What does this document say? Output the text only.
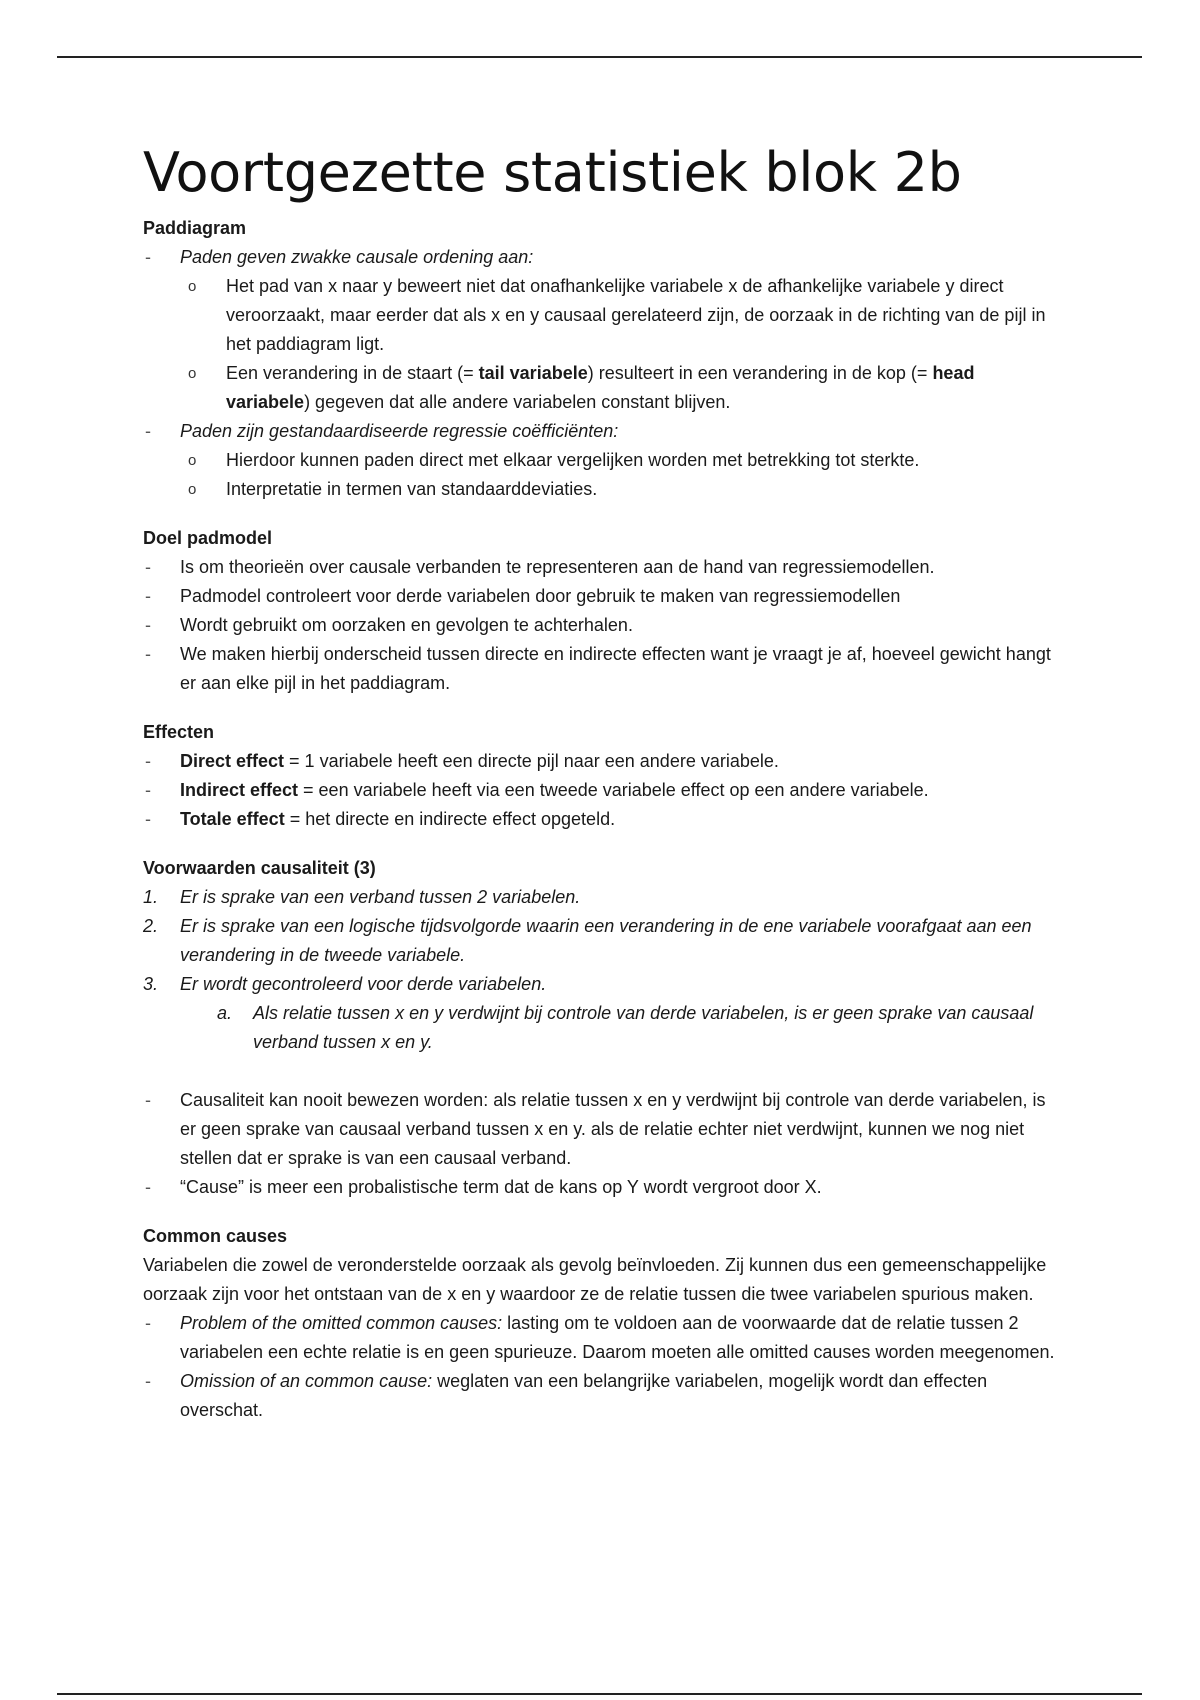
Voortgezette statistiek blok 2b
Paddiagram
-	Paden geven zwakke causale ordening aan:
o Het pad van x naar y beweert niet dat onafhankelijke variabele x de afhankelijke variabele y direct veroorzaakt, maar eerder dat als x en y causaal gerelateerd zijn, de oorzaak in de richting van de pijl in het paddiagram ligt.
o Een verandering in de staart (= tail variabele) resulteert in een verandering in de kop (= head variabele) gegeven dat alle andere variabelen constant blijven.
-	Paden zijn gestandaardiseerde regressie coëfficiënten:
o Hierdoor kunnen paden direct met elkaar vergelijken worden met betrekking tot sterkte.
o Interpretatie in termen van standaarddeviaties.
Doel padmodel
-	Is om theorieën over causale verbanden te representeren aan de hand van regressiemodellen.
-	Padmodel controleert voor derde variabelen door gebruik te maken van regressiemodellen
-	Wordt gebruikt om oorzaken en gevolgen te achterhalen.
-	We maken hierbij onderscheid tussen directe en indirecte effecten want je vraagt je af, hoeveel gewicht hangt er aan elke pijl in het paddiagram.
Effecten
-	Direct effect = 1 variabele heeft een directe pijl naar een andere variabele.
-	Indirect effect = een variabele heeft via een tweede variabele effect op een andere variabele.
-	Totale effect = het directe en indirecte effect opgeteld.
Voorwaarden causaliteit (3)
1. Er is sprake van een verband tussen 2 variabelen.
2. Er is sprake van een logische tijdsvolgorde waarin een verandering in de ene variabele voorafgaat aan een verandering in de tweede variabele.
3. Er wordt gecontroleerd voor derde variabelen.
a. Als relatie tussen x en y verdwijnt bij controle van derde variabelen, is er geen sprake van causaal verband tussen x en y.
-	Causaliteit kan nooit bewezen worden: als relatie tussen x en y verdwijnt bij controle van derde variabelen, is er geen sprake van causaal verband tussen x en y. als de relatie echter niet verdwijnt, kunnen we nog niet stellen dat er sprake is van een causaal verband.
-	“Cause” is meer een probalistische term dat de kans op Y wordt vergroot door X.
Common causes

Variabelen die zowel de veronderstelde oorzaak als gevolg beïnvloeden. Zij kunnen dus een gemeenschappelijke oorzaak zijn voor het ontstaan van de x en y waardoor ze de relatie tussen die twee variabelen spurious maken.

-	Problem of the omitted common causes: lasting om te voldoen aan de voorwaarde dat de relatie tussen 2 variabelen een echte relatie is en geen spurieuze. Daarom moeten alle omitted causes worden meegenomen.
-	Omission of an common cause: weglaten van een belangrijke variabelen, mogelijk wordt dan effecten overschat.
